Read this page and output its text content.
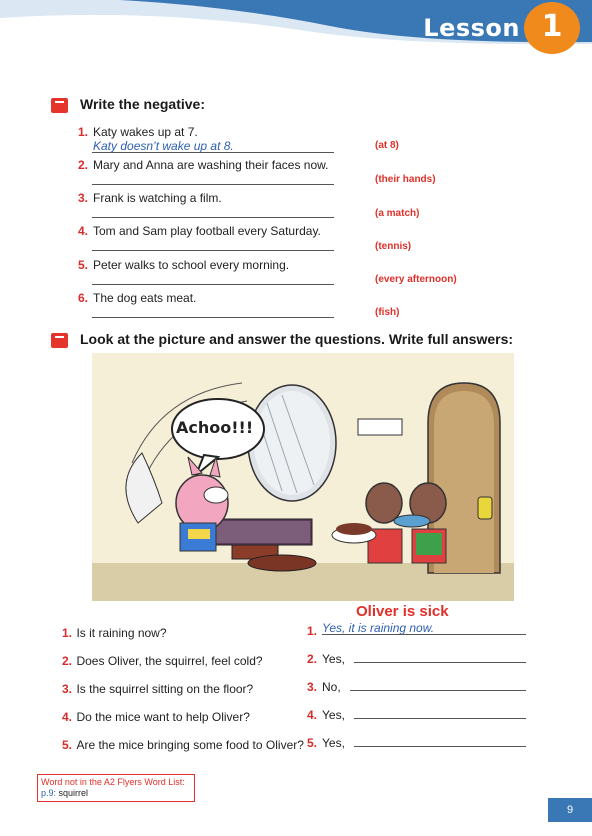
Lesson 1
Write the negative:
1. Katy wakes up at 7.
Katy doesn’t wake up at 8.	(at 8)
2. Mary and Anna are washing their faces now.
(their hands)
3. Frank is watching a film.
(a match)
4. Tom and Sam play football every Saturday.
(tennis)
5. Peter walks to school every morning.
(every afternoon)
6. The dog eats meat.
(fish)
Look at the picture and answer the questions. Write full answers:
Achoo!!!
Oliver is sick
1. Is it raining now?	1. Yes, it is raining now.
2. Does Oliver, the squirrel, feel cold?	2. Yes,
3. Is the squirrel sitting on the floor?	3. No,
4. Do the mice want to help Oliver?	4. Yes,
5. Are the mice bringing some food to Oliver? 5. Yes,
Word not in the A2 Flyers Word List:
p.9: squirrel
9
